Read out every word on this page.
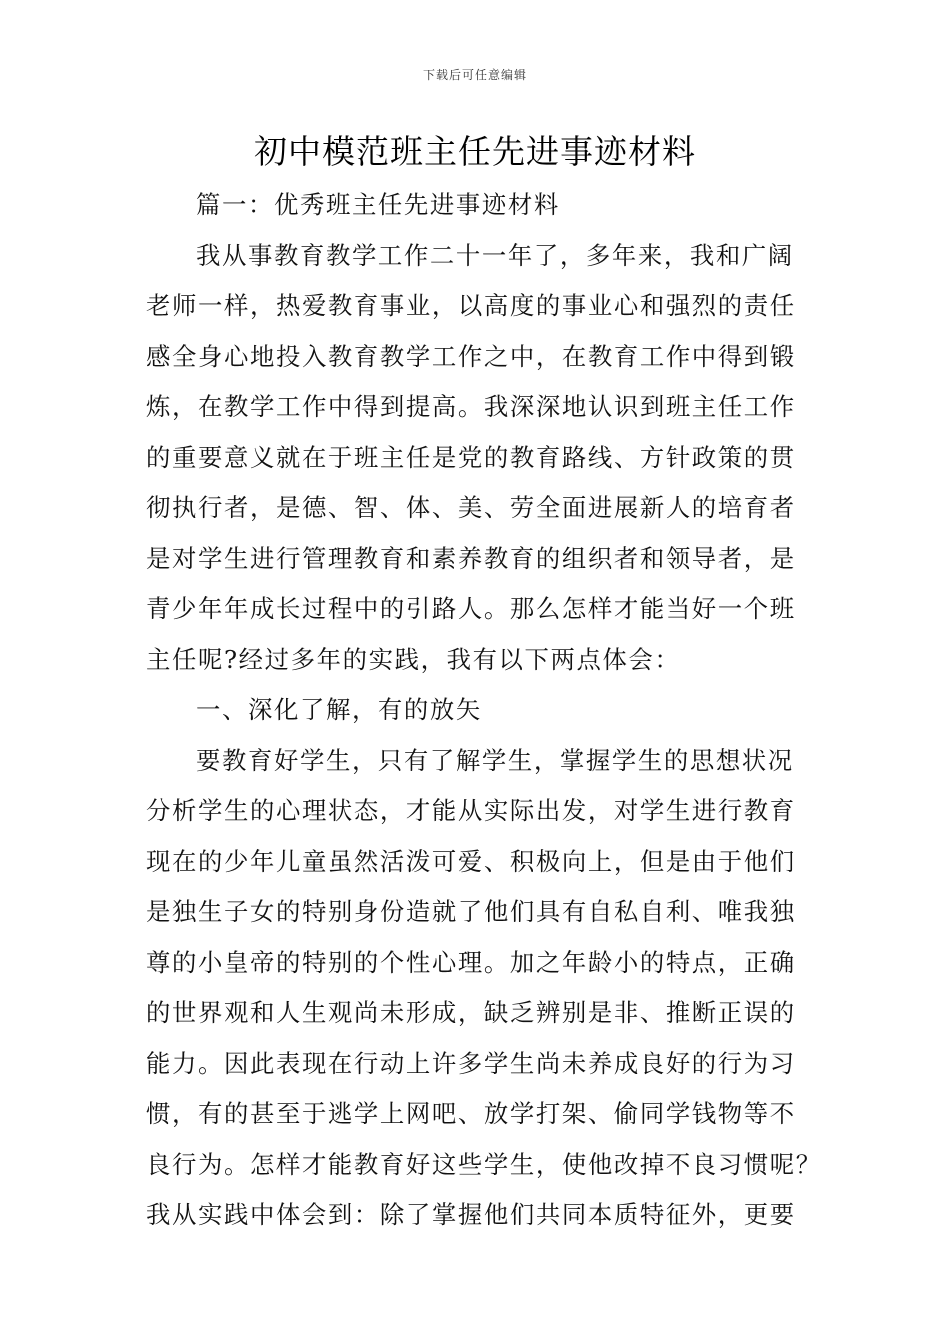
下载后可任意编辑
初中模范班主任先进事迹材料
篇一：优秀班主任先进事迹材料
我从事教育教学工作二十一年了，多年来，我和广阔
老师一样，热爱教育事业，以高度的事业心和强烈的责任
感全身心地投入教育教学工作之中，在教育工作中得到锻
炼，在教学工作中得到提高。我深深地认识到班主任工作
的重要意义就在于班主任是党的教育路线、方针政策的贯
彻执行者，是德、智、体、美、劳全面进展新人的培育者
是对学生进行管理教育和素养教育的组织者和领导者，是
青少年年成长过程中的引路人。那么怎样才能当好一个班
主任呢?经过多年的实践，我有以下两点体会：
一、深化了解，有的放矢
要教育好学生，只有了解学生，掌握学生的思想状况
分析学生的心理状态，才能从实际出发，对学生进行教育
现在的少年儿童虽然活泼可爱、积极向上，但是由于他们
是独生子女的特别身份造就了他们具有自私自利、唯我独
尊的小皇帝的特别的个性心理。加之年龄小的特点，正确
的世界观和人生观尚未形成，缺乏辨别是非、推断正误的
能力。因此表现在行动上许多学生尚未养成良好的行为习
惯，有的甚至于逃学上网吧、放学打架、偷同学钱物等不
良行为。怎样才能教育好这些学生，使他改掉不良习惯呢？
我从实践中体会到：除了掌握他们共同本质特征外，更要
